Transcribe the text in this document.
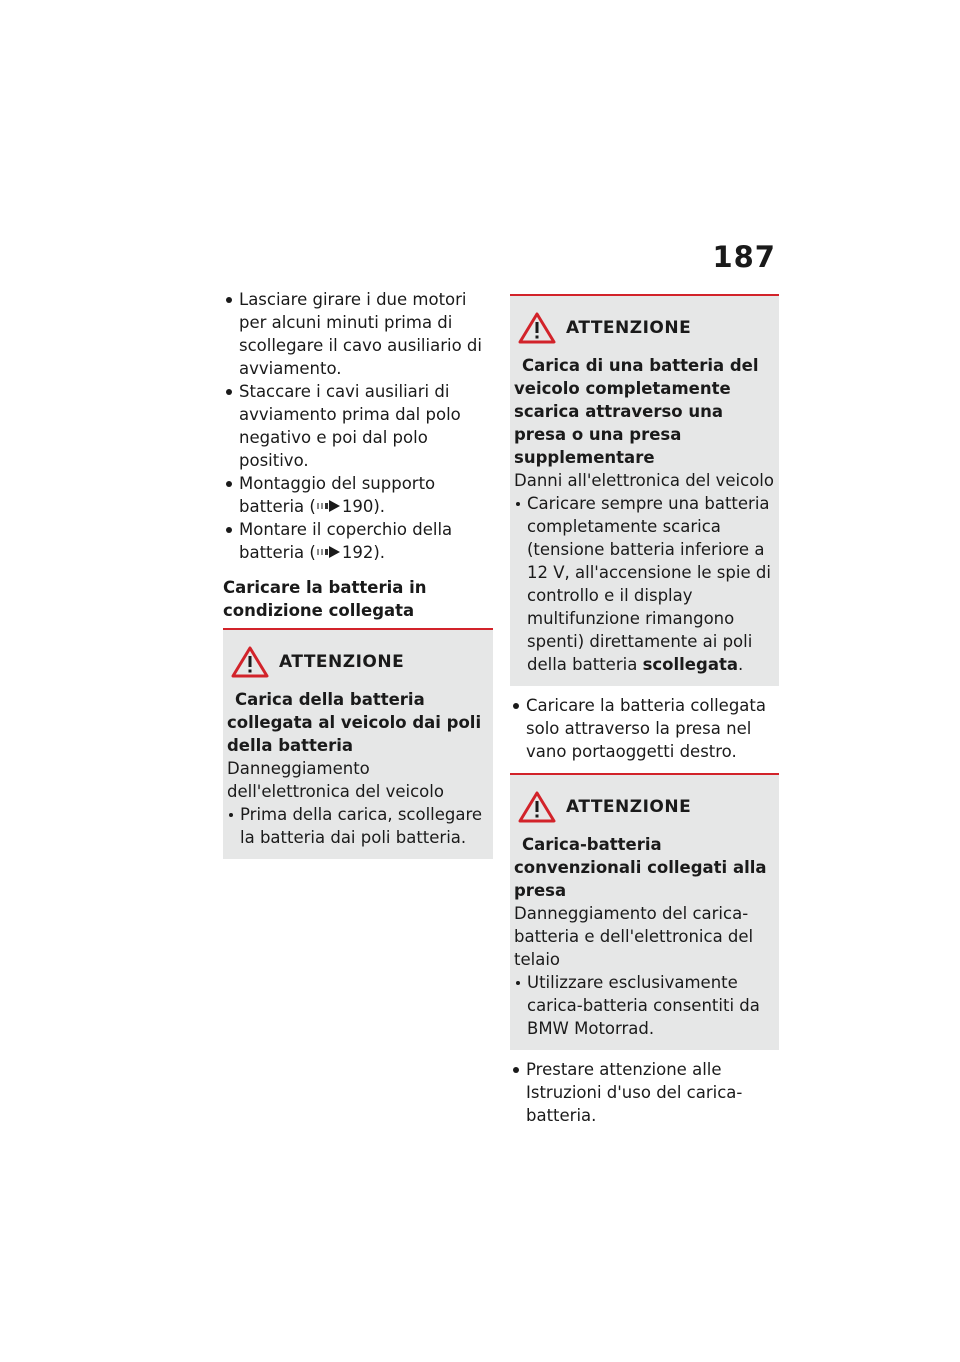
187
Lasciare girare i due motori per alcuni minuti prima di scollegare il cavo ausiliario di avviamento.
Staccare i cavi ausiliari di avviamento prima dal polo negativo e poi dal polo positivo.
Montaggio del supporto batteria ( 190).
Montare il coperchio della batteria ( 192).
Caricare la batteria in condizione collegata
ATTENZIONE
Carica della batteria collegata al veicolo dai poli della batteria
Danneggiamento dell'elettronica del veicolo
Prima della carica, scollegare la batteria dai poli batteria.
ATTENZIONE
Carica di una batteria del veicolo completamente scarica attraverso una presa o una presa supplementare
Danni all'elettronica del veicolo
Caricare sempre una batteria completamente scarica (tensione batteria inferiore a 12 V, all'accensione le spie di controllo e il display multifunzione rimangono spenti) direttamente ai poli della batteria scollegata.
Caricare la batteria collegata solo attraverso la presa nel vano portaoggetti destro.
ATTENZIONE
Carica-batteria convenzionali collegati alla presa
Danneggiamento del carica-batteria e dell'elettronica del telaio
Utilizzare esclusivamente carica-batteria consentiti da BMW Motorrad.
Prestare attenzione alle Istruzioni d'uso del carica-batteria.
